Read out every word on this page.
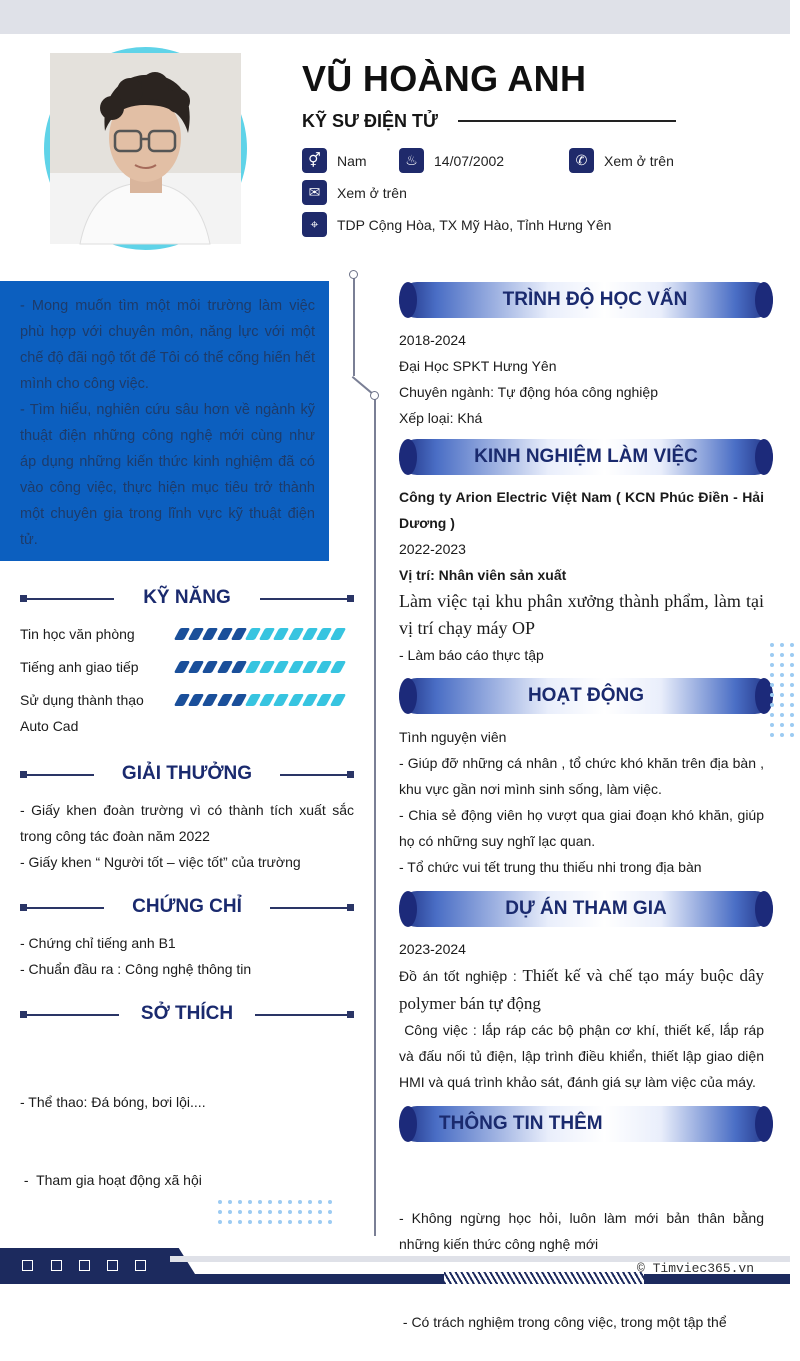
VŨ HOÀNG ANH
KỸ SƯ ĐIỆN TỬ
⚥	Nam	♨	14/07/2002	✆	Xem ở trên
✉	Xem ở trên
⌖	TDP Cộng Hòa, TX Mỹ Hào, Tỉnh Hưng Yên

- Mong muốn tìm một môi trường làm việc phù hợp với chuyên môn, năng lực với một chế độ đãi ngộ tốt để Tôi có thể cống hiến hết mình cho công việc.

- Tìm hiểu, nghiên cứu sâu hơn về ngành kỹ thuật điện những công nghệ mới cùng như áp dụng những kiến thức kinh nghiệm đã có vào công việc, thực hiện mục tiêu trở thành một chuyên gia trong lĩnh vực kỹ thuật điện tử.

KỸ NĂNG
Tin học văn phòng
Tiếng anh giao tiếp
Sử dụng thành thạo Auto Cad
GIẢI THƯỞNG
- Giấy khen đoàn trường vì có thành tích xuất sắc trong công tác đoàn năm 2022
- Giấy khen “ Người tốt – việc tốt” của trường
CHỨNG CHỈ
- Chứng chỉ tiếng anh B1
- Chuẩn đầu ra : Công nghệ thông tin
SỞ THÍCH

- Thể thao: Đá bóng, bơi lội....

-  Tham gia hoạt động xã hội

TRÌNH ĐỘ HỌC VẤN
2018-2024
Đại Học SPKT Hưng Yên
Chuyên ngành: Tự động hóa công nghiệp
Xếp loại: Khá
KINH NGHIỆM LÀM VIỆC
Công ty Arion Electric Việt Nam ( KCN Phúc Điền - Hải Dương )
2022-2023
Vị trí: Nhân viên sản xuất
Làm việc tại khu phân xưởng thành phẩm, làm tại vị trí chạy máy OP
- Làm báo cáo thực tập
HOẠT ĐỘNG
Tình nguyện viên
- Giúp đỡ những cá nhân , tổ chức khó khăn trên địa bàn , khu vực gần nơi mình sinh sống, làm việc.
- Chia sẻ động viên họ vượt qua giai đoạn khó khăn, giúp họ có những suy nghĩ lạc quan.
- Tổ chức vui tết trung thu thiếu nhi trong địa bàn
DỰ ÁN THAM GIA
2023-2024
Đồ án tốt nghiệp : Thiết kế và chế tạo máy buộc dây polymer bán tự động
Công việc : lắp ráp các bộ phận cơ khí, thiết kế, lắp ráp và đấu nối tủ điện, lập trình điều khiển, thiết lập giao diện HMI và quá trình khảo sát, đánh giá sự làm việc của máy.
THÔNG TIN THÊM

- Không ngừng học hỏi, luôn làm mới bản thân bằng những kiến thức công nghệ mới

- Có trách nghiệm trong công việc, trong một tập thể

© Timviec365.vn
